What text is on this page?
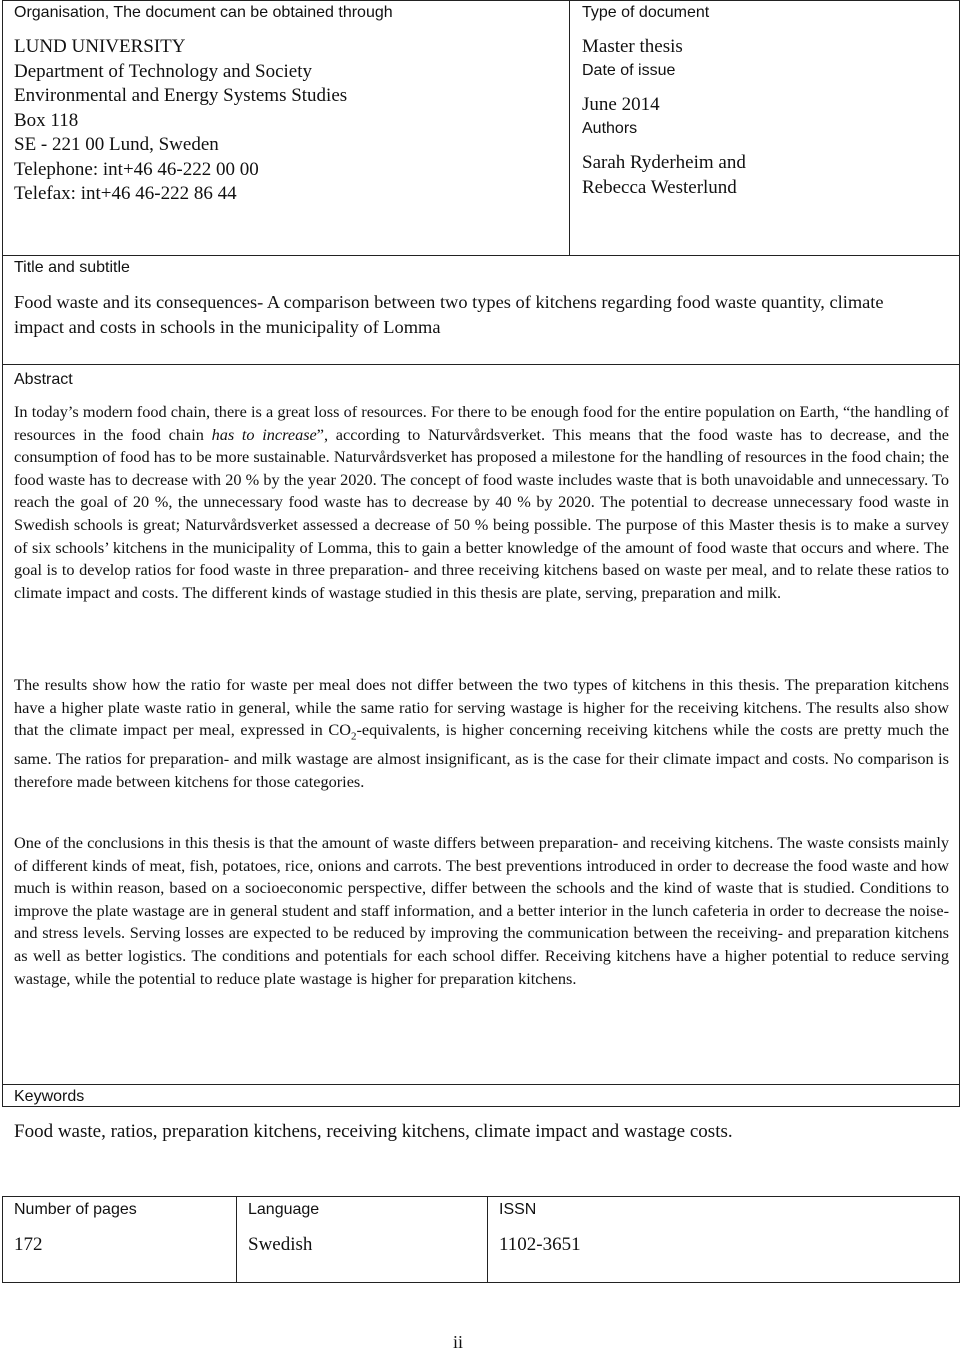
Organisation, The document can be obtained through
LUND UNIVERSITY
Department of Technology and Society
Environmental and Energy Systems Studies
Box 118
SE - 221 00 Lund, Sweden
Telephone: int+46 46-222 00 00
Telefax: int+46 46-222 86 44
Type of document
Master thesis
Date of issue
June 2014
Authors
Sarah Ryderheim and
Rebecca Westerlund
Title and subtitle
Food waste and its consequences- A comparison between two types of kitchens regarding food waste quantity, climate impact and costs in schools in the municipality of Lomma
Abstract

In today’s modern food chain, there is a great loss of resources. For there to be enough food for the entire population on Earth, “the handling of resources in the food chain has to increase”, according to Naturvårdsverket. This means that the food waste has to decrease, and the consumption of food has to be more sustainable. Naturvårdsverket has proposed a milestone for the handling of resources in the food chain; the food waste has to decrease with 20 % by the year 2020. The concept of food waste includes waste that is both unavoidable and unnecessary. To reach the goal of 20 %, the unnecessary food waste has to decrease by 40 % by 2020. The potential to decrease unnecessary food waste in Swedish schools is great; Naturvårdsverket assessed a decrease of 50 % being possible. The purpose of this Master thesis is to make a survey of six schools’ kitchens in the municipality of Lomma, this to gain a better knowledge of the amount of food waste that occurs and where. The goal is to develop ratios for food waste in three preparation- and three receiving kitchens based on waste per meal, and to relate these ratios to climate impact and costs. The different kinds of wastage studied in this thesis are plate, serving, preparation and milk.

The results show how the ratio for waste per meal does not differ between the two types of kitchens in this thesis. The preparation kitchens have a higher plate waste ratio in general, while the same ratio for serving wastage is higher for the receiving kitchens. The results also show that the climate impact per meal, expressed in $CO_2$-equivalents, is higher concerning receiving kitchens while the costs are pretty much the same. The ratios for preparation- and milk wastage are almost insignificant, as is the case for their climate impact and costs. No comparison is therefore made between kitchens for those categories.

One of the conclusions in this thesis is that the amount of waste differs between preparation- and receiving kitchens. The waste consists mainly of different kinds of meat, fish, potatoes, rice, onions and carrots. The best preventions introduced in order to decrease the food waste and how much is within reason, based on a socioeconomic perspective, differ between the schools and the kind of waste that is studied. Conditions to improve the plate wastage are in general student and staff information, and a better interior in the lunch cafeteria in order to decrease the noise- and stress levels. Serving losses are expected to be reduced by improving the communication between the receiving- and preparation kitchens as well as better logistics. The conditions and potentials for each school differ. Receiving kitchens have a higher potential to reduce serving wastage, while the potential to reduce plate wastage is higher for preparation kitchens.

Keywords
Food waste, ratios, preparation kitchens, receiving kitchens, climate impact and wastage costs.
Number of pages
172
Language
Swedish
ISSN
1102-3651
ii
